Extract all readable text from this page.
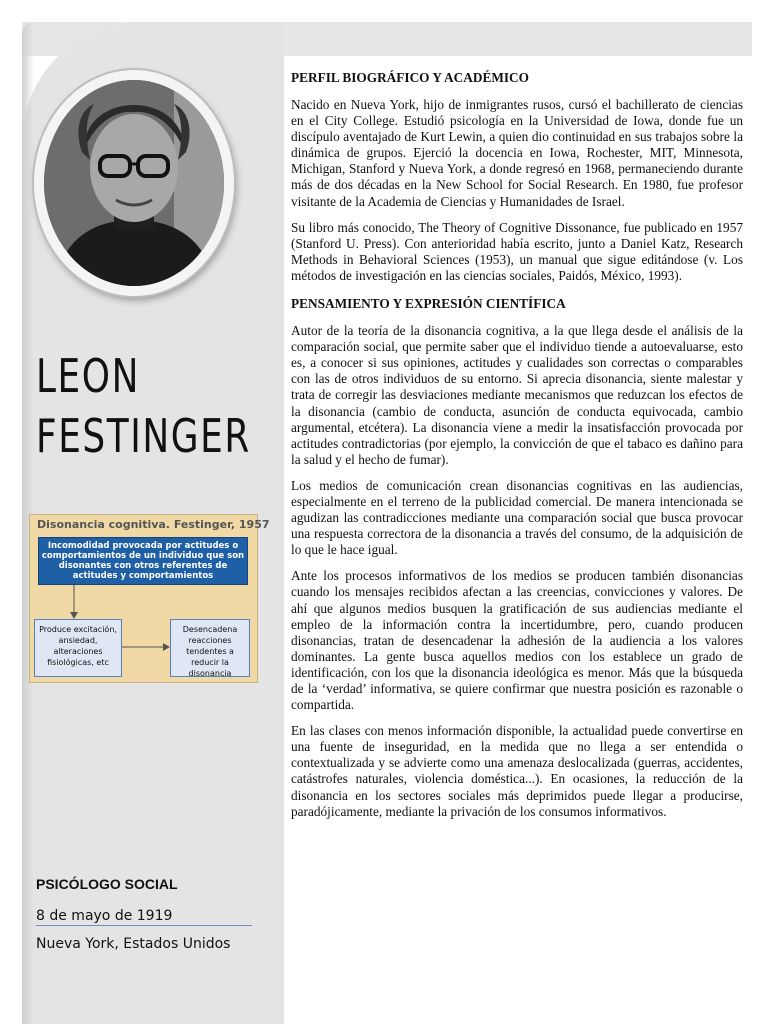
LEON
FESTINGER
Disonancia cognitiva. Festinger, 1957
Incomodidad provocada por actitudes o comportamientos de un individuo que son disonantes con otros referentes de actitudes y comportamientos
Produce excitación, ansiedad, alteraciones fisiológicas, etc
Desencadena reacciones tendentes a reducir la disonancia
PSICÓLOGO SOCIAL
8 de mayo de 1919
Nueva York, Estados Unidos
PERFIL BIOGRÁFICO Y ACADÉMICO

Nacido en Nueva York, hijo de inmigrantes rusos, cursó el bachillerato de ciencias en el City College. Estudió psicología en la Universidad de Iowa, donde fue un discípulo aventajado de Kurt Lewin, a quien dio continuidad en sus trabajos sobre la dinámica de grupos. Ejerció la docencia en Iowa, Rochester, MIT, Minnesota, Michigan, Stanford y Nueva York, a donde regresó en 1968, permaneciendo durante más de dos décadas en la New School for Social Research. En 1980, fue profesor visitante de la Academia de Ciencias y Humanidades de Israel.

Su libro más conocido, The Theory of Cognitive Dissonance, fue publicado en 1957 (Stanford U. Press). Con anterioridad había escrito, junto a Daniel Katz, Research Methods in Behavioral Sciences (1953), un manual que sigue editándose (v. Los métodos de investigación en las ciencias sociales, Paidós, México, 1993).

PENSAMIENTO Y EXPRESIÓN CIENTÍFICA

Autor de la teoría de la disonancia cognitiva, a la que llega desde el análisis de la comparación social, que permite saber que el individuo tiende a autoevaluarse, esto es, a conocer si sus opiniones, actitudes y cualidades son correctas o comparables con las de otros individuos de su entorno. Si aprecia disonancia, siente malestar y trata de corregir las desviaciones mediante mecanismos que reduzcan los efectos de la disonancia (cambio de conducta, asunción de conducta equivocada, cambio argumental, etcétera). La disonancia viene a medir la insatisfacción provocada por actitudes contradictorias (por ejemplo, la convicción de que el tabaco es dañino para la salud y el hecho de fumar).

Los medios de comunicación crean disonancias cognitivas en las audiencias, especialmente en el terreno de la publicidad comercial. De manera intencionada se agudizan las contradicciones mediante una comparación social que busca provocar una respuesta correctora de la disonancia a través del consumo, de la adquisición de lo que le hace igual.

Ante los procesos informativos de los medios se producen también disonancias cuando los mensajes recibidos afectan a las creencias, convicciones y valores. De ahí que algunos medios busquen la gratificación de sus audiencias mediante el empleo de la información contra la incertidumbre, pero, cuando producen disonancias, tratan de desencadenar la adhesión de la audiencia a los valores dominantes. La gente busca aquellos medios con los establece un grado de identificación, con los que la disonancia ideológica es menor. Más que la búsqueda de la ‘verdad’ informativa, se quiere confirmar que nuestra posición es razonable o compartida.

En las clases con menos información disponible, la actualidad puede convertirse en una fuente de inseguridad, en la medida que no llega a ser entendida o contextualizada y se advierte como una amenaza deslocalizada (guerras, accidentes, catástrofes naturales, violencia doméstica...). En ocasiones, la reducción de la disonancia en los sectores sociales más deprimidos puede llegar a producirse, paradójicamente, mediante la privación de los consumos informativos.
